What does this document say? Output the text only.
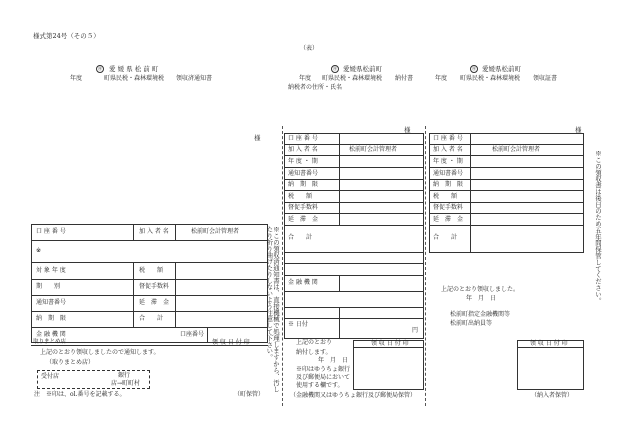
様式第24号（その５）
（表）
㊞	愛 媛 県 松 前 町
年度	町県民税・森林環境税 領収済通知書
様
㊞ 愛媛県松前町
年度 町県民税・森林環境税 納付書
納税者の住所・氏名
様
㊞ 愛媛県松前町
年度 町県民税・森林環境税 領収証書
様
口 座 番 号	加 入 者 名	松前町会計管理者
※
対 象 年 度	税　　額
期　　別	督促手数料
通知書番号	延　滞　金
納　期　限	合　　計
金 融 機 関	口座番号
取りまとめ店	領 収 日 付 印
上記のとおり領収しましたので通知します。
（取りまとめ店）
受付店	銀行
店→町町村
注　※印は、ol.番号を記載する。	（町保管）
※この領収済通知書は、直接機械で処理しますから、汚したり折り曲げたりしないよう注意して下さい。
口 座 番 号
加 入 者 名	松前町会計管理者
年 度 ・ 期
通知書番号
納　期　限
税　　額
督促手数料
延　滞　金
合　　計
金 融 機 関
※ 日付
円
上記のとおり
納付します。
年　月　日
※印はゆうちょ銀行
及び郵便局において
使用する欄です。
領 収 日 付 印
（金融機関又はゆうちょ銀行及び郵便局保管）
口 座 番 号
加 入 者 名	松前町会計管理者
年 度 ・ 期
通知書番号
納　期　限
税　　額
督促手数料
延　滞　金
合　　計
上記のとおり領収しました。
年　月　日
松前町指定金融機関等
松前町出納員等
領 収 日 付 印
（納入者保管）
※この領収書は後日のため五年間保管してください。
